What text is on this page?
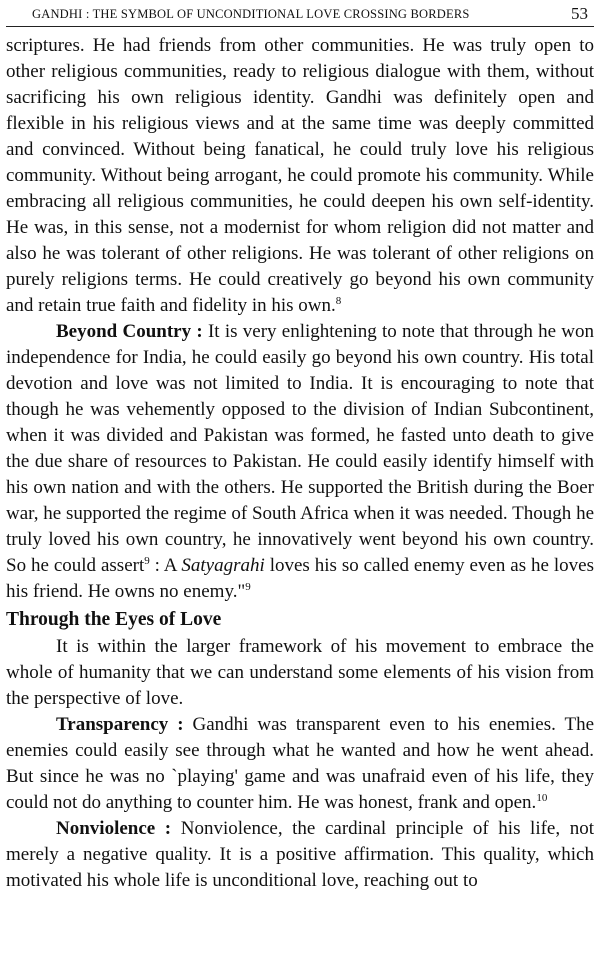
GANDHI : THE SYMBOL OF UNCONDITIONAL LOVE CROSSING BORDERS	53

scriptures. He had friends from other communities. He was truly open to other religious communities, ready to religious dialogue with them, without sacrificing his own religious identity. Gandhi was definitely open and flexible in his religious views and at the same time was deeply committed and convinced. Without being fanatical, he could truly love his religious community. Without being arrogant, he could promote his community. While embracing all religious communities, he could deepen his own self-identity. He was, in this sense, not a modernist for whom religion did not matter and also he was tolerant of other religions. He was tolerant of other religions on purely religions terms. He could creatively go beyond his own community and retain true faith and fidelity in his own.$^8$

Beyond Country : It is very enlightening to note that through he won independence for India, he could easily go beyond his own country. His total devotion and love was not limited to India. It is encouraging to note that though he was vehemently opposed to the division of Indian Subcontinent, when it was divided and Pakistan was formed, he fasted unto death to give the due share of resources to Pakistan. He could easily identify himself with his own nation and with the others. He supported the British during the Boer war, he supported the regime of South Africa when it was needed. Though he truly loved his own country, he innovatively went beyond his own country. So he could assert$^9$ : A Satyagrahi loves his so called enemy even as he loves his friend. He owns no enemy."$^9$

Through the Eyes of Love

It is within the larger framework of his movement to embrace the whole of humanity that we can understand some elements of his vision from the perspective of love.

Transparency : Gandhi was transparent even to his enemies. The enemies could easily see through what he wanted and how he went ahead. But since he was no `playing' game and was unafraid even of his life, they could not do anything to counter him. He was honest, frank and open.$^{10}$

Nonviolence : Nonviolence, the cardinal principle of his life, not merely a negative quality. It is a positive affirmation. This quality, which motivated his whole life is unconditional love, reaching out to
